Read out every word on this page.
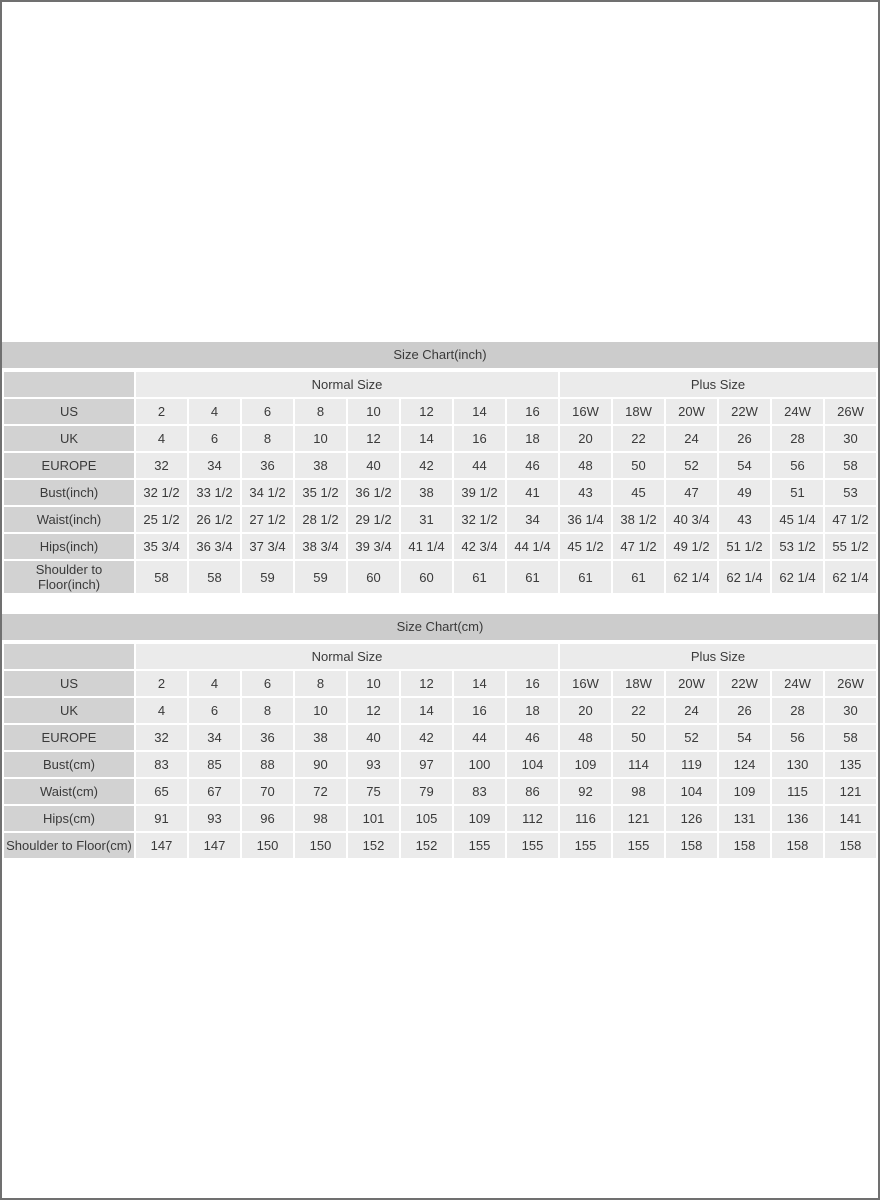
Size Chart(inch)
	Normal Size								Plus Size					
US	2	4	6	8	10	12	14	16	16W	18W	20W	22W	24W	26W
UK	4	6	8	10	12	14	16	18	20	22	24	26	28	30
EUROPE	32	34	36	38	40	42	44	46	48	50	52	54	56	58
Bust(inch)	32 1/2	33 1/2	34 1/2	35 1/2	36 1/2	38	39 1/2	41	43	45	47	49	51	53
Waist(inch)	25 1/2	26 1/2	27 1/2	28 1/2	29 1/2	31	32 1/2	34	36 1/4	38 1/2	40 3/4	43	45 1/4	47 1/2
Hips(inch)	35 3/4	36 3/4	37 3/4	38 3/4	39 3/4	41 1/4	42 3/4	44 1/4	45 1/2	47 1/2	49 1/2	51 1/2	53 1/2	55 1/2
Shoulder to Floor(inch)	58	58	59	59	60	60	61	61	61	61	62 1/4	62 1/4	62 1/4	62 1/4
Size Chart(cm)
	Normal Size								Plus Size					
US	2	4	6	8	10	12	14	16	16W	18W	20W	22W	24W	26W
UK	4	6	8	10	12	14	16	18	20	22	24	26	28	30
EUROPE	32	34	36	38	40	42	44	46	48	50	52	54	56	58
Bust(cm)	83	85	88	90	93	97	100	104	109	114	119	124	130	135
Waist(cm)	65	67	70	72	75	79	83	86	92	98	104	109	115	121
Hips(cm)	91	93	96	98	101	105	109	112	116	121	126	131	136	141
Shoulder to Floor(cm)	147	147	150	150	152	152	155	155	155	155	158	158	158	158
